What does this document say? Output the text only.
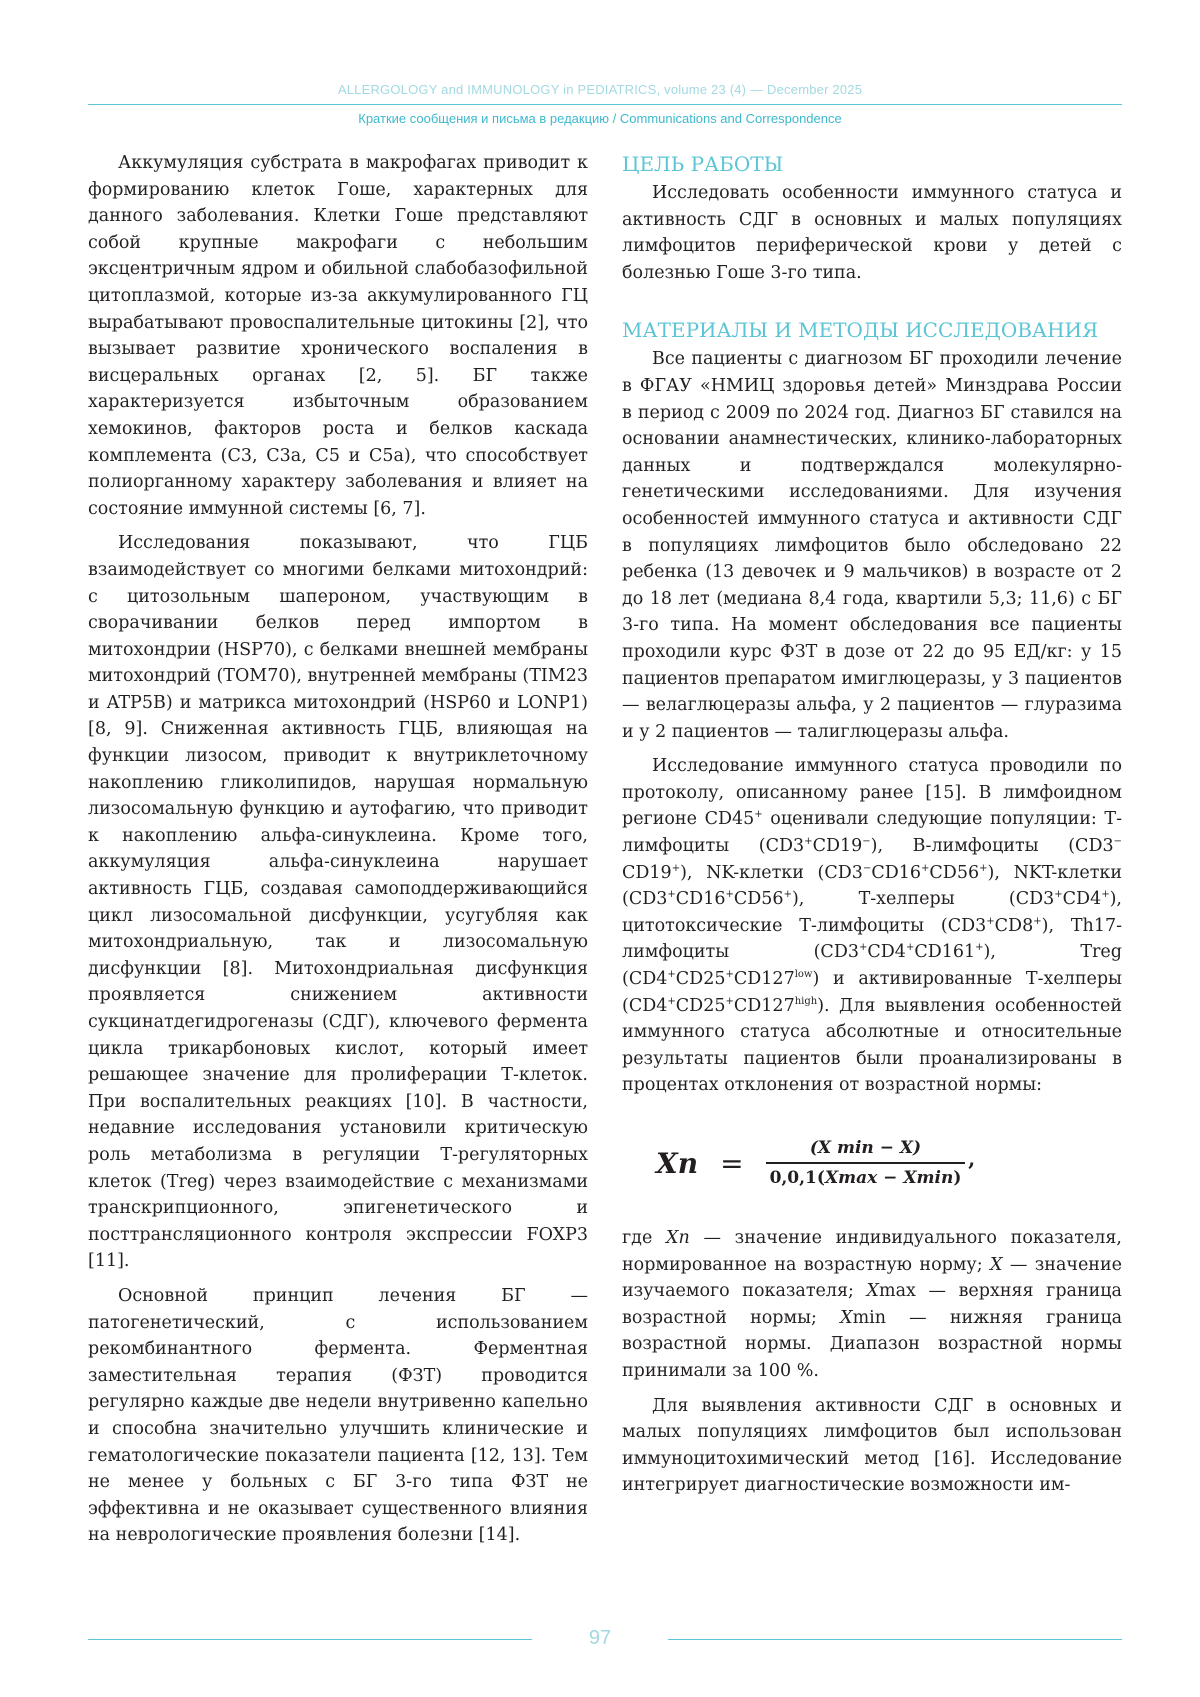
ALLERGOLOGY and IMMUNOLOGY in PEDIATRICS, volume 23 (4) — December 2025
Краткие сообщения и письма в редакцию / Communications and Correspondence

Аккумуляция субстрата в макрофагах приводит к формированию клеток Гоше, характерных для данного заболевания. Клетки Гоше представляют собой крупные макрофаги с небольшим эксцентричным ядром и обильной слабобазофильной цитоплазмой, которые из-за аккумулированного ГЦ вырабатывают провоспалительные цитокины [2], что вызывает развитие хронического воспаления в висцеральных органах [2, 5]. БГ также характеризуется избыточным образованием хемокинов, факторов роста и белков каскада комплемента (C3, C3a, C5 и C5a), что способствует полиорганному характеру заболевания и влияет на состояние иммунной системы [6, 7].

Исследования показывают, что ГЦБ взаимодействует со многими белками митохондрий: с цитозольным шапероном, участвующим в сворачивании белков перед импортом в митохондрии (HSP70), с белками внешней мембраны митохондрий (TOM70), внутренней мембраны (TIM23 и ATP5B) и матрикса митохондрий (HSP60 и LONP1) [8, 9]. Сниженная активность ГЦБ, влияющая на функции лизосом, приводит к внутриклеточному накоплению гликолипидов, нарушая нормальную лизосомальную функцию и аутофагию, что приводит к накоплению альфа-синуклеина. Кроме того, аккумуляция альфа-синуклеина нарушает активность ГЦБ, создавая самоподдерживающийся цикл лизосомальной дисфункции, усугубляя как митохондриальную, так и лизосомальную дисфункции [8]. Митохондриальная дисфункция проявляется снижением активности сукцинатдегидрогеназы (СДГ), ключевого фермента цикла трикарбоновых кислот, который имеет решающее значение для пролиферации Т-клеток. При воспалительных реакциях [10]. В частности, недавние исследования установили критическую роль метаболизма в регуляции Т-регуляторных клеток (Treg) через взаимодействие с механизмами транскрипционного, эпигенетического и посттрансляционного контроля экспрессии FOXP3 [11].

Основной принцип лечения БГ — патогенетический, с использованием рекомбинантного фермента. Ферментная заместительная терапия (ФЗТ) проводится регулярно каждые две недели внутривенно капельно и способна значительно улучшить клинические и гематологические показатели пациента [12, 13]. Тем не менее у больных с БГ 3-го типа ФЗТ не эффективна и не оказывает существенного влияния на неврологические проявления болезни [14].

ЦЕЛЬ РАБОТЫ

Исследовать особенности иммунного статуса и активность СДГ в основных и малых популяциях лимфоцитов периферической крови у детей с болезнью Гоше 3-го типа.

МАТЕРИАЛЫ И МЕТОДЫ ИССЛЕДОВАНИЯ

Все пациенты с диагнозом БГ проходили лечение в ФГАУ «НМИЦ здоровья детей» Минздрава России в период с 2009 по 2024 год. Диагноз БГ ставился на основании анамнестических, клинико-лабораторных данных и подтверждался молекулярно-генетическими исследованиями. Для изучения особенностей иммунного статуса и активности СДГ в популяциях лимфоцитов было обследовано 22 ребенка (13 девочек и 9 мальчиков) в возрасте от 2 до 18 лет (медиана 8,4 года, квартили 5,3; 11,6) с БГ 3-го типа. На момент обследования все пациенты проходили курс ФЗТ в дозе от 22 до 95 ЕД/кг: у 15 пациентов препаратом имиглюцеразы, у 3 пациентов — велаглюцеразы альфа, у 2 пациентов — глуразима и у 2 пациентов — талиглюцеразы альфа.

Исследование иммунного статуса проводили по протоколу, описанному ранее [15]. В лимфоидном регионе CD45+ оценивали следующие популяции: Т-лимфоциты (CD3+CD19−), В-лимфоциты (CD3− CD19+), NK-клетки (CD3−CD16+CD56+), NKT-клетки (CD3+CD16+CD56+), Т-хелперы (CD3+CD4+), цитотоксические Т-лимфоциты (CD3+CD8+), Th17-лимфоциты (CD3+CD4+CD161+), Treg $(CD4^+CD25^+CD127^{low})$ и активированные Т-хелперы $(CD4^+CD25^+CD127^{high})$. Для выявления особенностей иммунного статуса абсолютные и относительные результаты пациентов были проанализированы в процентах отклонения от возрастной нормы:

$Xn = \frac{\text{(X min − X)}}{0,0,1(Xmax - Xmin)}$ ’

где Xn — значение индивидуального показателя, нормированное на возрастную норму; X — значение изучаемого показателя; Xmax — верхняя граница возрастной нормы; Xmin — нижняя граница возрастной нормы. Диапазон возрастной нормы принимали за 100 %.

Для выявления активности СДГ в основных и малых популяциях лимфоцитов был использован иммуноцитохимический метод [16]. Исследование интегрирует диагностические возможности им-

97
